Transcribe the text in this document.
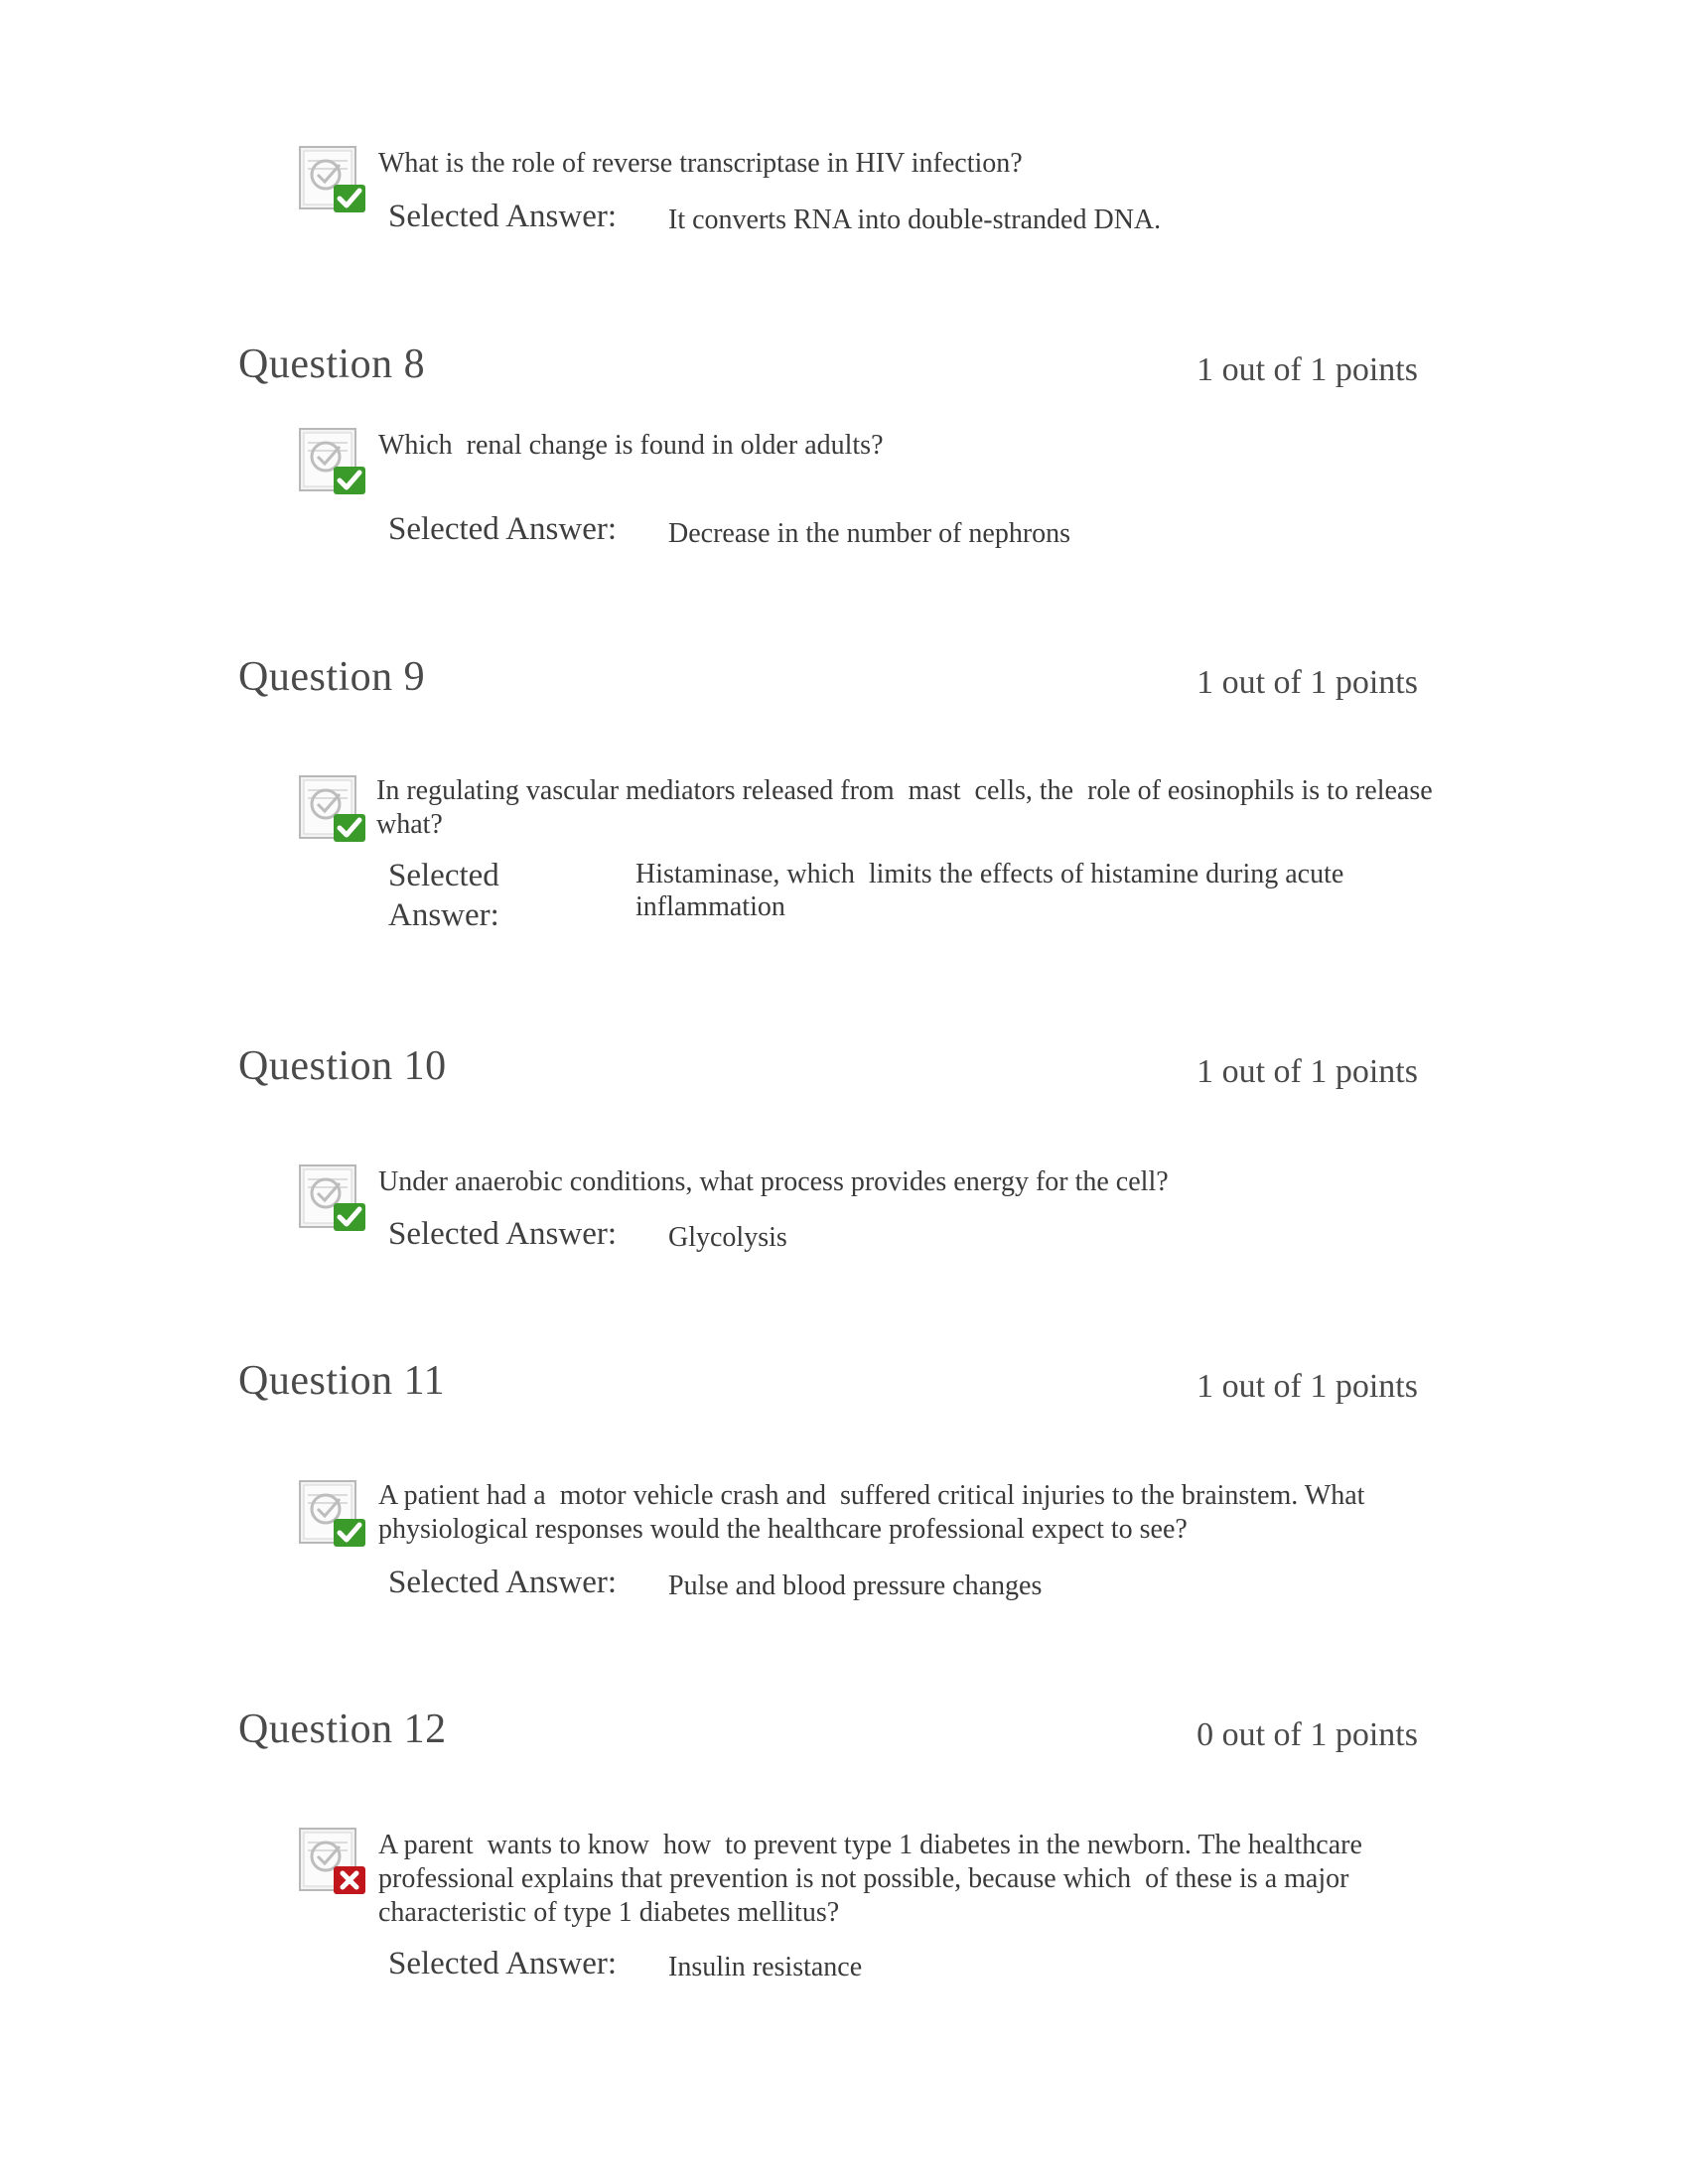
What is the role of reverse transcriptase in HIV infection?
Selected Answer: It converts RNA into double-stranded DNA.
Question 8	1 out of 1 points
Which  renal change is found in older adults?
Selected Answer: Decrease in the number of nephrons
Question 9	1 out of 1 points
In regulating vascular mediators released from  mast  cells, the  role of eosinophils is to release what?
Selected Answer:
Histaminase, which  limits the effects of histamine during acute inflammation
Question 10	1 out of 1 points
Under anaerobic conditions, what process provides energy for the cell?
Selected Answer: Glycolysis
Question 11	1 out of 1 points
A patient had a  motor vehicle crash and  suffered critical injuries to the brainstem. What physiological responses would the healthcare professional expect to see?
Selected Answer: Pulse and blood pressure changes
Question 12	0 out of 1 points
A parent  wants to know  how  to prevent type 1 diabetes in the newborn. The healthcare professional explains that prevention is not possible, because which  of these is a major characteristic of type 1 diabetes mellitus?
Selected Answer: Insulin resistance
